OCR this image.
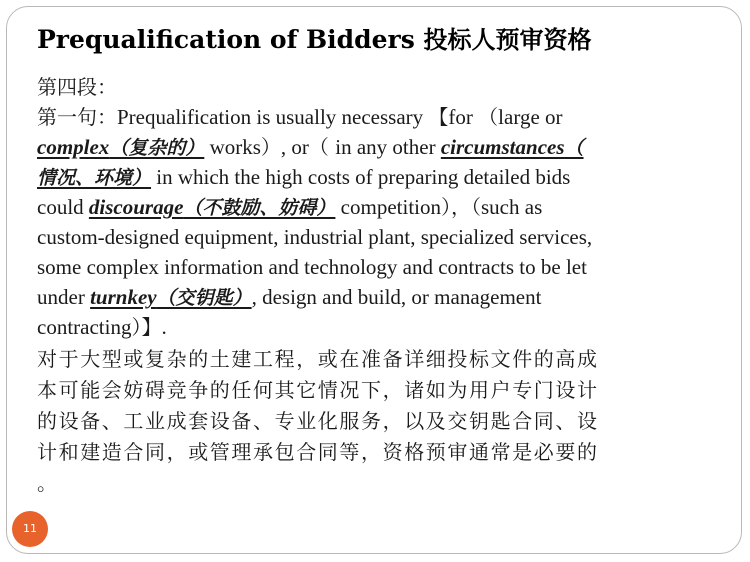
Prequalification of Bidders 投标人预审资格
第四段：
第一句：Prequalification is usually necessary 【for （large or
complex（复杂的） works）, or（ in any other circumstances（
情况、环境） in which the high costs of preparing detailed bids
could discourage（不鼓励、妨碍） competition），（such as
custom-designed equipment, industrial plant, specialized services,
some complex information and technology and contracts to be let
under turnkey（交钥匙）, design and build, or management
contracting）】.
对于大型或复杂的土建工程，或在准备详细投标文件的高成
本可能会妨碍竞争的任何其它情况下，诸如为用户专门设计
的设备、工业成套设备、专业化服务，以及交钥匙合同、设
计和建造合同，或管理承包合同等，资格预审通常是必要的
。
11
